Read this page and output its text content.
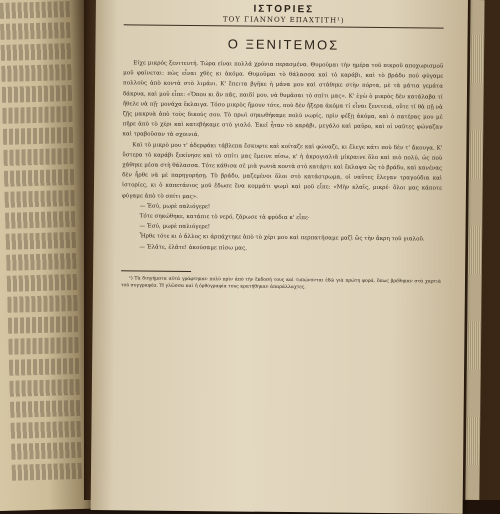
ΙΣΤΟΡΙΕΣ
ΤΟΥ ΓΙΑΝΝΟΥ ΕΠΑΧΤΙΤΗ¹)
Ο ΞΕΝΙΤΕΜΟΣ

Είχε μικρός ξενιτευτή. Τώρα είναι πολλά χρόνια περασμένα. Θυμούμαι τήν ημέρα τοῦ πικροῦ αποχωρισμοῦ μοῦ φαίνεται: πὼς εἶναι χθὲς κι ἀκόμα. Θυμοῦμαι τὸ θάλασσα καὶ τὸ καράβι, καὶ τὸ βράδυ πού φύγαμε πολλοὺς ἀπὸ κοντὰ στὸ λιμάνι. Κ' ἔπειτα βγῆκε ἡ μάνα μου καὶ στάθηκε στὴν πόρτα, μὲ τὰ μάτια γεμάτα δάκρυα, καὶ μοῦ εἶπε: «Ὅπου κι ἂν πᾶς, παιδί μου, νὰ θυμᾶσαι τὸ σπίτι μας». Κ' ἐγὼ ὁ μικρὸς δὲν κατάλαβα τί ἤθελε νὰ πῇ· μονάχα ἔκλαιγα. Τόσο μικρὸς ἤμουν τότε, ποὺ δὲν ἤξερα ἀκόμα τί εἶναι ξενιτειά, οὔτε τί θὰ πῇ νὰ ζῇς μακρυὰ ἀπὸ τοὺς δικούς σου. Τὸ πρωὶ σηκωθήκαμε πολὺ νωρίς, πρὶν φέξῃ ἀκόμα, καὶ ὁ πατέρας μου μὲ πῆρε ἀπὸ τὸ χέρι καὶ κατεβήκαμε στὸ γιαλό. Ἐκεῖ ἦταν τὸ καράβι, μεγάλο καὶ μαῦρο, καὶ οἱ ναῦτες φώναζαν καὶ τραβοῦσαν τὰ σχοινιά.

Καὶ τὸ μικρὸ μου τ' ἀδερφάκι τάβλεπα ἔσκυφτε καὶ κοίταζε καὶ φώναζε, κι ἔλεγε κάτι ποὺ δὲν τ' ἄκουγα. Κ' ὕστερα τὸ καράβι ξεκίνησε καὶ τὸ σπίτι μας ἔμεινε πίσω, κ' ἡ ἀκρογιαλιὰ μίκραινε ὅλο καὶ πιὸ πολύ, ὡς ποὺ χάθηκε μέσα στὴ θάλασσα. Τότε κάθισα σὲ μιὰ γωνιὰ κοντὰ στὸ κατάρτι καὶ ἔκλαψα ὣς τὸ βράδυ, καὶ κανένας δὲν ἦρθε νὰ μὲ παρηγορήσῃ. Τὸ βράδυ, μαζεμένοι ὅλοι στὸ κατάστρωμα, οἱ ναῦτες ἔλεγαν τραγούδια καὶ ἱστορίες, κι ὁ καπετάνιος μοῦ ἔδωσε ἕνα κομμάτι ψωμὶ καὶ μοῦ εἶπε: «Μὴν κλαῖς, μικρέ· ὅλοι μας κάποτε φύγαμε ἀπὸ τὸ σπίτι μας».

— Ἐσύ, μωρὲ παλιόγερε!

Τότε σηκώθηκε, κατάπιε τὸ νερό, ζάρωσε τὰ φρύδια κ' εἶπε·

— Ἐσύ, μωρὲ παλιόγερε!

Ἦρθε τότε κι ὁ ἄλλος κι ἀρπάχτηκε ἀπὸ τὸ χέρι μου καὶ περπατήσαμε μαζὶ ὣς τὴν ἄκρη τοῦ γιαλοῦ.

— Ἐλᾶτε, ἐλᾶτε! ἀκούσαμε πίσω μας.

¹) Τὰ διηγήματα αὐτὰ γράφτηκαν πολὺ πρὶν ἀπὸ τὴν ἔκδοσή τους καὶ τυπώνονται ἐδῶ γιὰ πρώτη φορά, ὅπως βρέθηκαν στὰ χαρτιὰ τοῦ συγγραφέα. Ἡ γλῶσσα καὶ ἡ ὀρθογραφία τους κρατήθηκαν ἀπαράλλαχτες.
